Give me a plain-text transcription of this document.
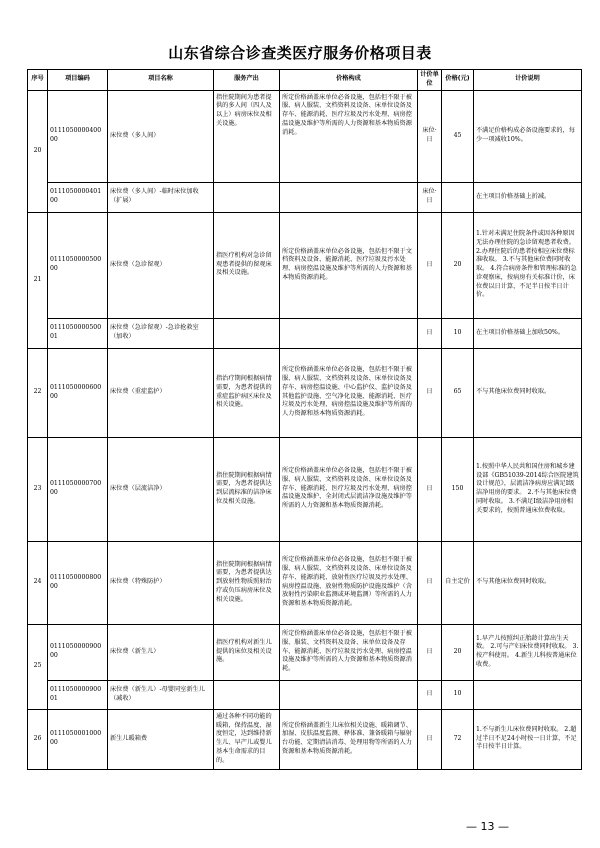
山东省综合诊查类医疗服务价格项目表
序号	项目编码	项目名称	服务产出	价格构成	计价单位	价格(元)	计价说明
20	011105000040000	床位费（多人间）	指住院期间为患者提供的多人间（四人及以上）病房床位及相关设施。	所定价格涵盖床单位必备设施，包括但不限于被服、病人服装、文档资料及设备、床单位设备及存车、能源消耗、医疗垃圾及污水处理、病房控温设施及维护等所需的人力资源和基本物质资源消耗。	床位·日	45	不满足价格构成必备设施要求的，每少一项减收10%。
	011105000040100	床位费（多人间）-临时床位加收（扩展）			床位·日		在主项目价格基础上折减。
21	011105000050000	床位费（急诊留观）	指医疗机构对急诊留观患者提供的留观床及相关设施。	所定价格涵盖床单位必备设施，包括但不限于文档资料及设备、能源消耗、医疗垃圾及污水处理、病房控温设施及维护等所需的人力资源和基本物质资源消耗。	日	20	1.针对未满足住院条件或因各种原因无法办理住院的急诊留观患者收费。 2.办理住院后的患者按相应床位费标准收取。 3.不与其他床位费同时收取。 4.符合病房条件和管理标准的急诊观察床，按病房有关标准计价，床位费以日计算，不足半日按半日计价。
	011105000050001	床位费（急诊留观）-急诊抢救室（加收）			日	10	在主项目价格基础上加收50%。
22	011105000060000	床位费（重症监护）	指治疗期间根据病情需要，为患者提供的重症监护病区床位及相关设施。	所定价格涵盖床单位必备设施，包括但不限于被服、病人服装、文档资料及设备、床单位设备及存车、病房控温设施、中心监护仪、监护设备及其他监护设施、空气净化设施、能源消耗、医疗垃圾及污水处理、病房控温设施及维护等所需的人力资源和基本物质资源消耗。	日	65	不与其他床位费同时收取。
23	011105000070000	床位费（层流洁净）	指住院期间根据病情需要，为患者提供达到层流标准的洁净床位及相关设施。	所定价格涵盖床单位必备设施，包括但不限于被服、病人服装、文档资料及设备、床单位设备及存车、能源消耗、医疗垃圾及污水处理、病房控温设施及维护、全封闭式层流洁净设施及维护等所需的人力资源和基本物质资源消耗。	日	150	1.按照中华人民共和国住房和城乡建设部《GB51039-2014综合医院建筑设计规范》，层流洁净病房应满足Ⅰ级洁净用房的要求。 2.不与其他床位费同时收取。 3.不满足Ⅰ级洁净用房相关要求的，按照普通床位费收取。
24	011105000080000	床位费（特殊防护）	指住院期间根据病情需要，为患者提供达到放射性物质照射治疗或负压病房床位及相关设施。	所定价格涵盖床单位必备设施，包括但不限于被服、病人服装、文档资料及设备、床单位设备及存车、能源消耗、放射性医疗垃圾及污水处理、病房控温设施、放射性物质防护设施及维护（含放射性污染职业监测或环境监测）等所需的人力资源和基本物质资源消耗。	日	自主定价	不与其他床位费同时收取。
25	011105000090000	床位费（新生儿）	指医疗机构对新生儿提供的床位及相关设施。	所定价格涵盖床单位必备设施，包括但不限于被服、服装、文档资料及设备、床单位设备及存车、能源消耗、医疗垃圾及污水处理、病房控温设施及维护等所需的人力资源和基本物质资源消耗。	日	20	1.早产儿按照纠正胎龄计算出生天数。 2.可与产妇床位费同时收取。 3.按产科使用。 4.新生儿科按普通床位收费。
	011105000090001	床位费（新生儿）-母婴同室新生儿（减收）			日	10	
26	011105000100000	新生儿暖箱费	通过各种不同功能的暖箱，保持温度、湿度恒定，达到维持新生儿、早产儿或婴儿基本生命需求的目的。	所定价格涵盖新生儿床位相关设施、暖箱调节、加湿、皮肤温度监测、释体准、兼备暖箱与辐射台功能、定期清洁消毒、处理用物等所需的人力资源和基本物质资源消耗。	日	72	1.不与新生儿床位费同时收取。 2.超过半日不足24小时按一日计算，不足半日按半日计算。
— 13 —
